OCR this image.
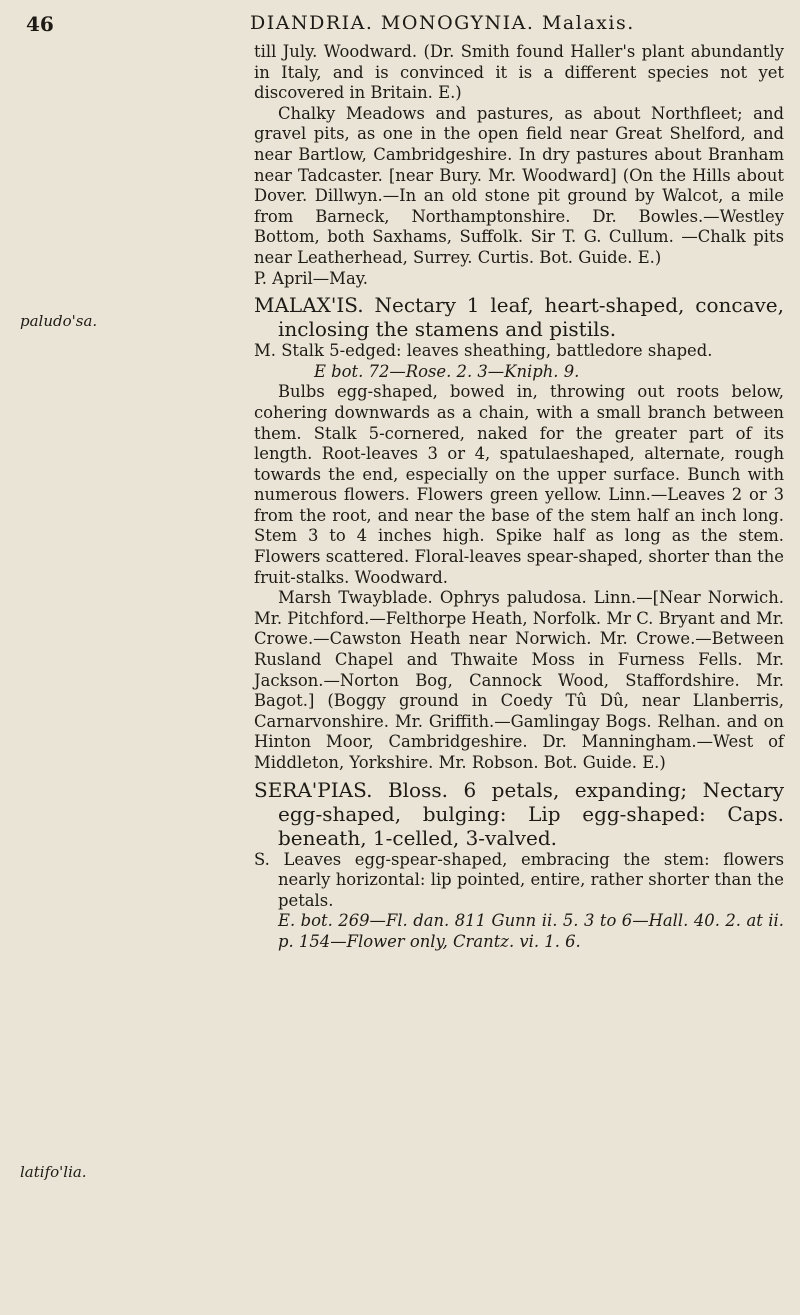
46	DIANDRIA. MONOGYNIA. Malaxis.
paludo'sa.
latifo'lia.

till July. Woodward. (Dr. Smith found Haller's plant abundantly in Italy, and is convinced it is a different species not yet discovered in Britain. E.)

Chalky Meadows and pastures, as about Northfleet; and gravel pits, as one in the open field near Great Shelford, and near Bartlow, Cambridgeshire. In dry pastures about Branham near Tadcaster. [near Bury. Mr. Woodward] (On the Hills about Dover. Dillwyn.—In an old stone pit ground by Walcot, a mile from Barneck, Northamptonshire. Dr. Bowles.—Westley Bottom, both Saxhams, Suffolk. Sir T. G. Cullum. —Chalk pits near Leatherhead, Surrey. Curtis. Bot. Guide. E.)

P. April—May.

MALAX'IS. Nectary 1 leaf, heart-shaped, concave, inclosing the stamens and pistils.

M. Stalk 5-edged: leaves sheathing, battledore shaped.

E bot. 72—Rose. 2. 3—Kniph. 9.

Bulbs egg-shaped, bowed in, throwing out roots below, cohering downwards as a chain, with a small branch between them. Stalk 5-cornered, naked for the greater part of its length. Root-leaves 3 or 4, spatulaeshaped, alternate, rough towards the end, especially on the upper surface. Bunch with numerous flowers. Flowers green yellow. Linn.—Leaves 2 or 3 from the root, and near the base of the stem half an inch long. Stem 3 to 4 inches high. Spike half as long as the stem. Flowers scattered. Floral-leaves spear-shaped, shorter than the fruit-stalks. Woodward.

Marsh Twayblade. Ophrys paludosa. Linn.—[Near Norwich. Mr. Pitchford.—Felthorpe Heath, Norfolk. Mr C. Bryant and Mr. Crowe.—Cawston Heath near Norwich. Mr. Crowe.—Between Rusland Chapel and Thwaite Moss in Furness Fells. Mr. Jackson.—Norton Bog, Cannock Wood, Staffordshire. Mr. Bagot.] (Boggy ground in Coedy Tû Dû, near Llanberris, Carnarvonshire. Mr. Griffith.—Gamlingay Bogs. Relhan. and on Hinton Moor, Cambridgeshire. Dr. Manningham.—West of Middleton, Yorkshire. Mr. Robson. Bot. Guide. E.)

SERA'PIAS. Bloss. 6 petals, expanding; Nectary egg-shaped, bulging: Lip egg-shaped: Caps. beneath, 1-celled, 3-valved.

S. Leaves egg-spear-shaped, embracing the stem: flowers nearly horizontal: lip pointed, entire, rather shorter than the petals.

E. bot. 269—Fl. dan. 811 Gunn ii. 5. 3 to 6—Hall. 40. 2. at ii. p. 154—Flower only, Crantz. vi. 1. 6.
